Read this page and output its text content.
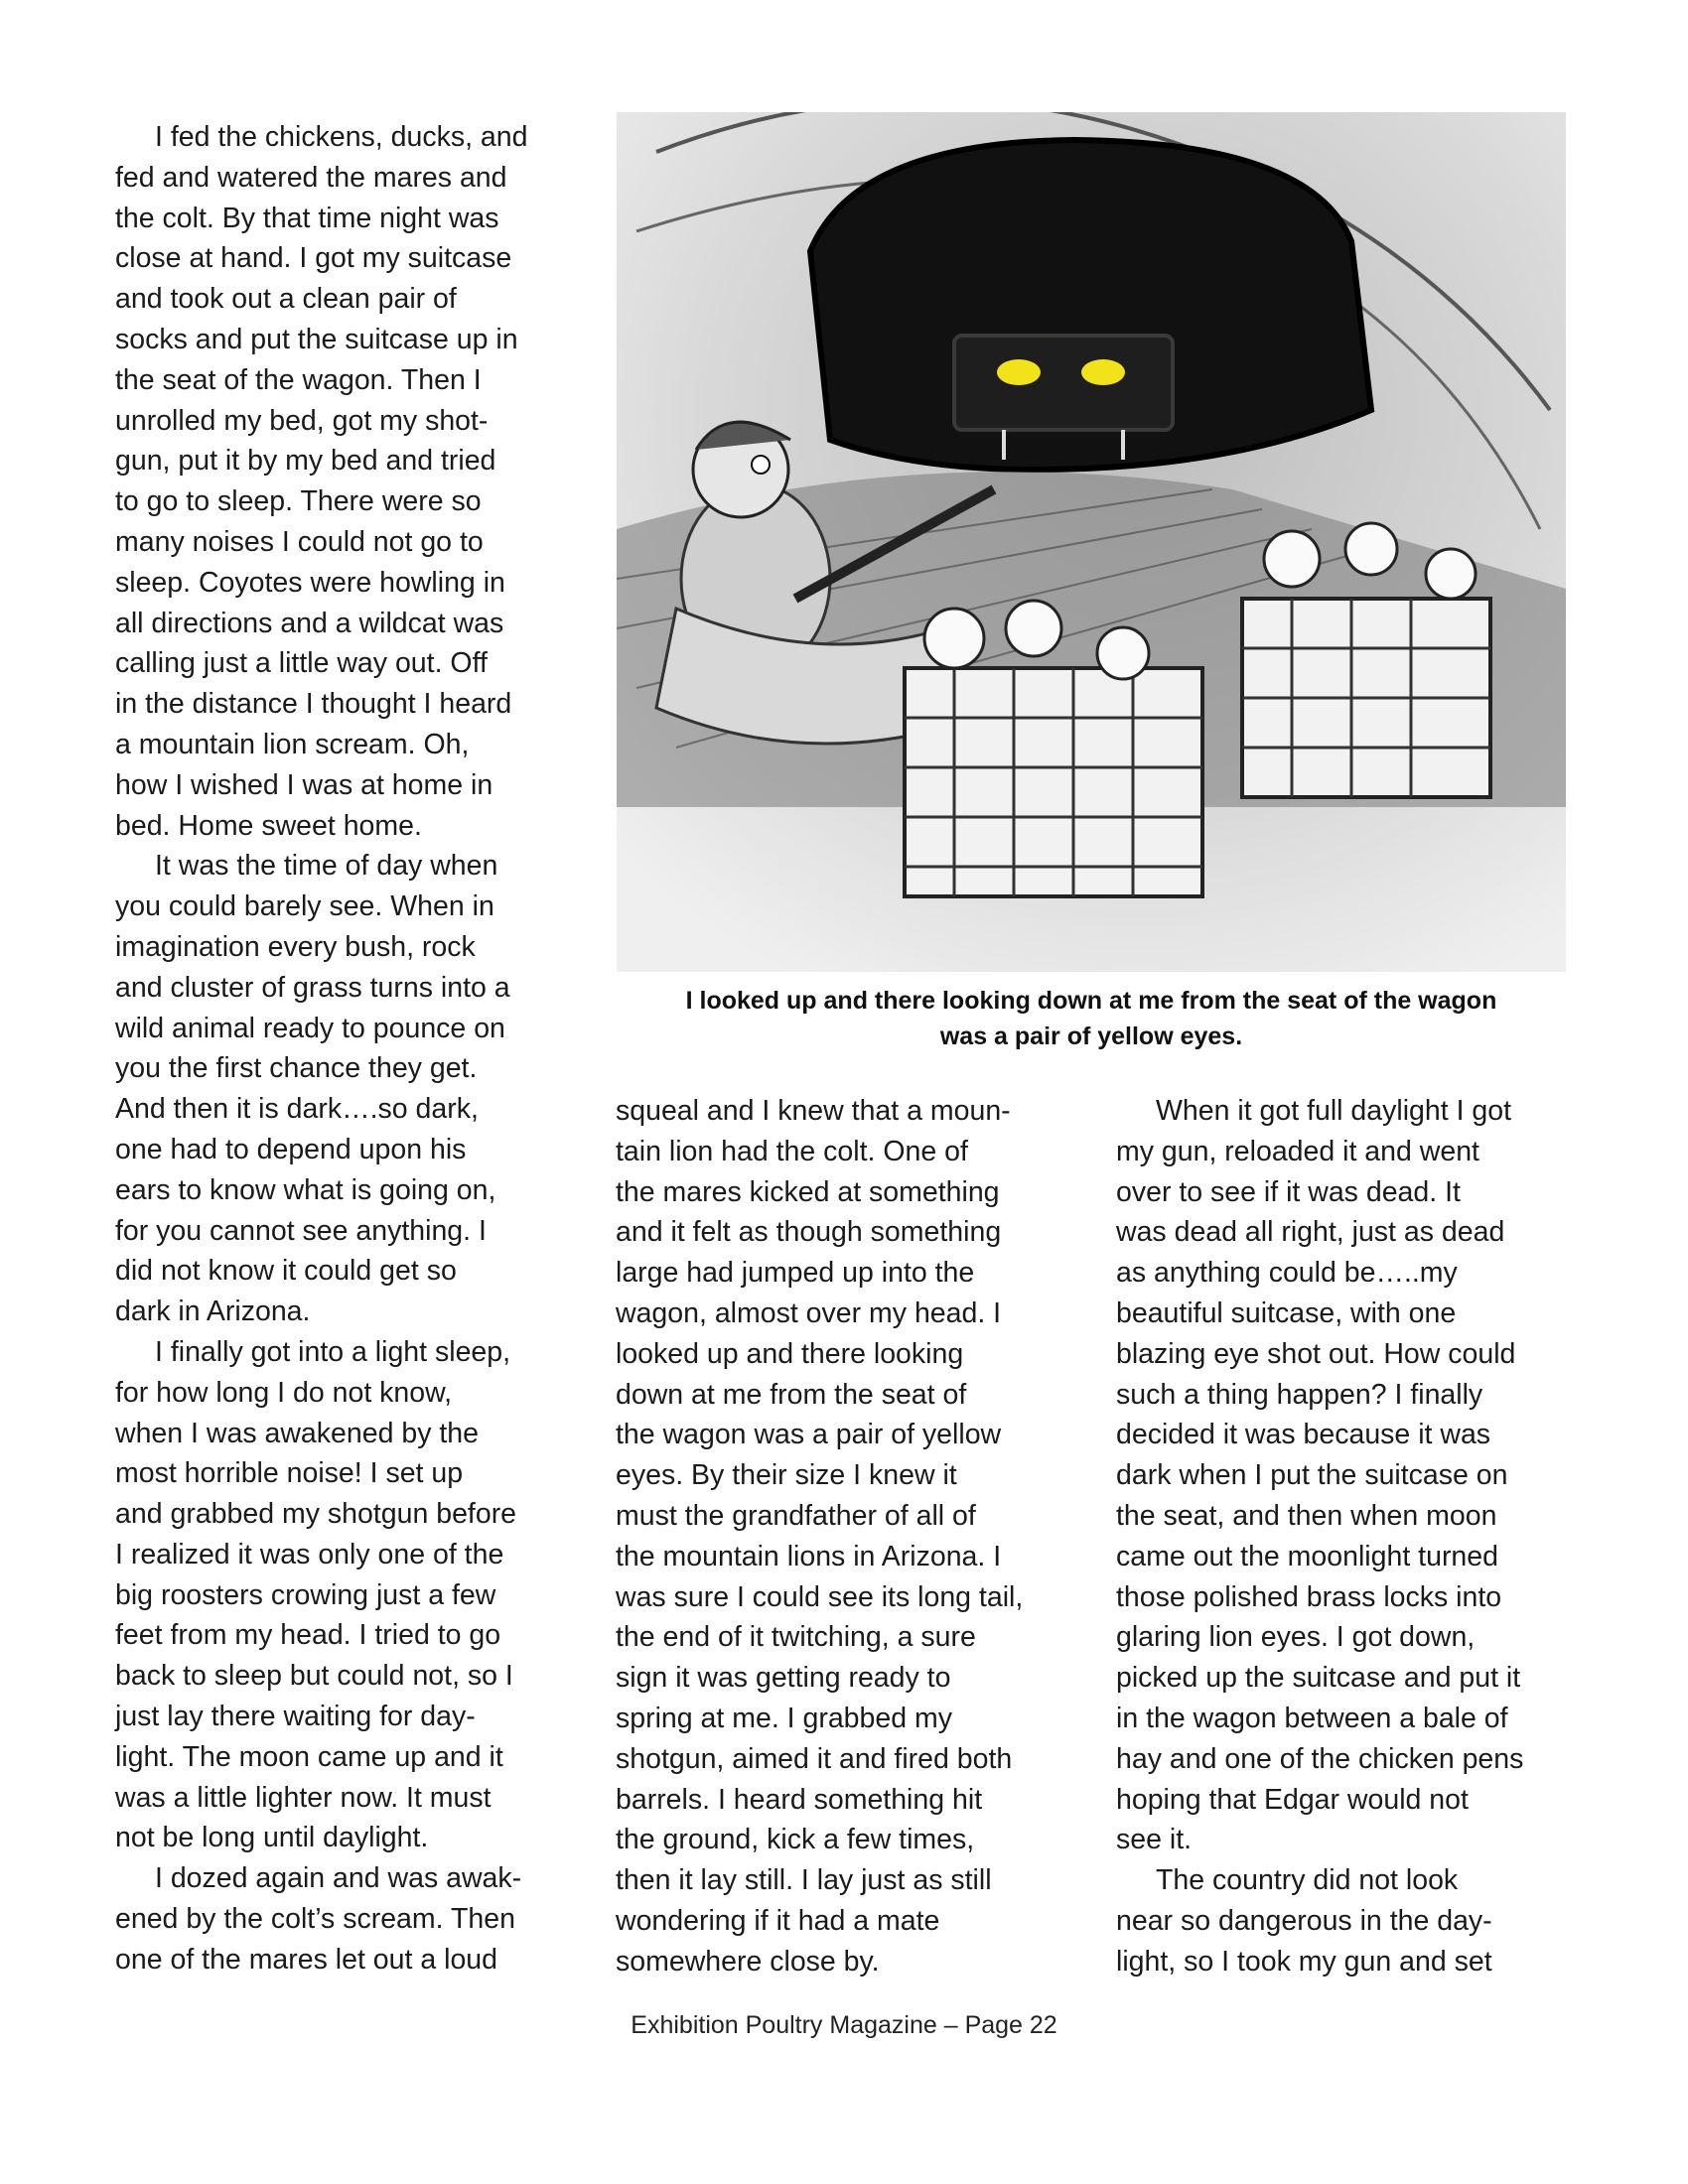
I fed the chickens, ducks, and
fed and watered the mares and
the colt. By that time night was
close at hand. I got my suitcase
and took out a clean pair of
socks and put the suitcase up in
the seat of the wagon. Then I
unrolled my bed, got my shot-
gun, put it by my bed and tried
to go to sleep. There were so
many noises I could not go to
sleep. Coyotes were howling in
all directions and a wildcat was
calling just a little way out. Off
in the distance I thought I heard
a mountain lion scream. Oh,
how I wished I was at home in
bed. Home sweet home.

It was the time of day when
you could barely see. When in
imagination every bush, rock
and cluster of grass turns into a
wild animal ready to pounce on
you the first chance they get.
And then it is dark….so dark,
one had to depend upon his
ears to know what is going on,
for you cannot see anything. I
did not know it could get so
dark in Arizona.

I finally got into a light sleep,
for how long I do not know,
when I was awakened by the
most horrible noise! I set up
and grabbed my shotgun before
I realized it was only one of the
big roosters crowing just a few
feet from my head. I tried to go
back to sleep but could not, so I
just lay there waiting for day-
light. The moon came up and it
was a little lighter now. It must
not be long until daylight.

I dozed again and was awak-
ened by the colt’s scream. Then
one of the mares let out a loud

I looked up and there looking down at me from the seat of the wagon
was a pair of yellow eyes.

squeal and I knew that a moun-
tain lion had the colt. One of
the mares kicked at something
and it felt as though something
large had jumped up into the
wagon, almost over my head. I
looked up and there looking
down at me from the seat of
the wagon was a pair of yellow
eyes. By their size I knew it
must the grandfather of all of
the mountain lions in Arizona. I
was sure I could see its long tail,
the end of it twitching, a sure
sign it was getting ready to
spring at me. I grabbed my
shotgun, aimed it and fired both
barrels. I heard something hit
the ground, kick a few times,
then it lay still. I lay just as still
wondering if it had a mate
somewhere close by.

When it got full daylight I got
my gun, reloaded it and went
over to see if it was dead. It
was dead all right, just as dead
as anything could be…..my
beautiful suitcase, with one
blazing eye shot out. How could
such a thing happen? I finally
decided it was because it was
dark when I put the suitcase on
the seat, and then when moon
came out the moonlight turned
those polished brass locks into
glaring lion eyes. I got down,
picked up the suitcase and put it
in the wagon between a bale of
hay and one of the chicken pens
hoping that Edgar would not
see it.

The country did not look
near so dangerous in the day-
light, so I took my gun and set

Exhibition Poultry Magazine – Page 22
